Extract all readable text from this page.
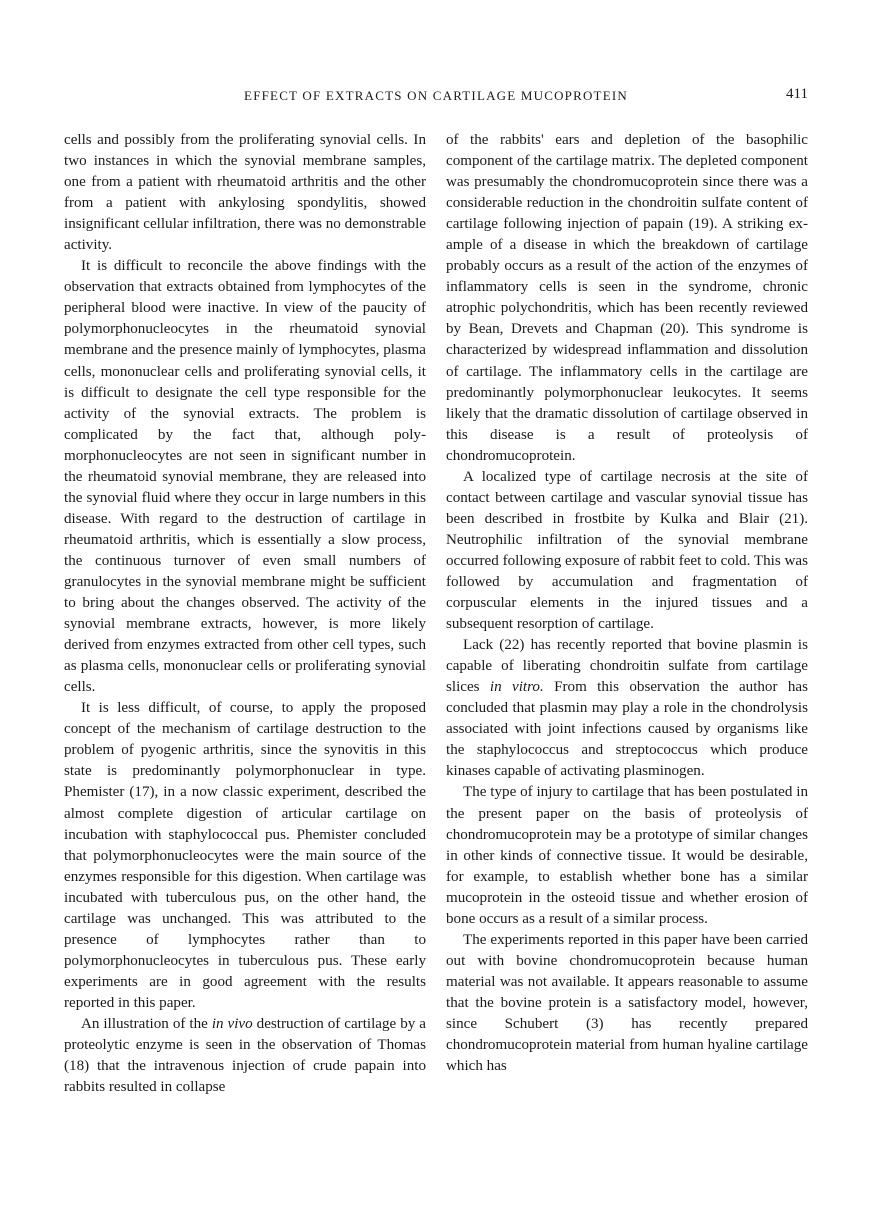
EFFECT OF EXTRACTS ON CARTILAGE MUCOPROTEIN	411

cells and possibly from the proliferating synovial cells. In two instances in which the synovial membrane samples, one from a patient with rheumatoid arthritis and the other from a patient with ankylosing spondylitis, showed insignificant cellular infiltration, there was no demonstrable activity.

It is difficult to reconcile the above findings with the observation that extracts obtained from lymphocytes of the peripheral blood were inactive. In view of the paucity of polymorphonucleocytes in the rheumatoid synovial membrane and the presence mainly of lymphocytes, plasma cells, mononuclear cells and proliferating synovial cells, it is difficult to designate the cell type responsible for the activity of the synovial extracts. The problem is complicated by the fact that, although polymorphonucleocytes are not seen in significant number in the rheumatoid synovial membrane, they are released into the synovial fluid where they occur in large numbers in this disease. With regard to the destruction of cartilage in rheumatoid arthritis, which is essentially a slow process, the continuous turnover of even small numbers of granulocytes in the synovial membrane might be sufficient to bring about the changes observed. The activity of the synovial membrane extracts, however, is more likely derived from enzymes extracted from other cell types, such as plasma cells, mononuclear cells or proliferating synovial cells.

It is less difficult, of course, to apply the proposed concept of the mechanism of cartilage destruction to the problem of pyogenic arthritis, since the synovitis in this state is predominantly polymorphonuclear in type. Phemister (17), in a now classic experiment, described the almost complete digestion of articular cartilage on incubation with staphylococcal pus. Phemister concluded that polymorphonucleocytes were the main source of the enzymes responsible for this digestion. When cartilage was incubated with tuberculous pus, on the other hand, the cartilage was unchanged. This was attributed to the presence of lymphocytes rather than to polymorphonucleocytes in tuberculous pus. These early experiments are in good agreement with the results reported in this paper.

An illustration of the in vivo destruction of cartilage by a proteolytic enzyme is seen in the observation of Thomas (18) that the intravenous injection of crude papain into rabbits resulted in collapse

of the rabbits' ears and depletion of the basophilic component of the cartilage matrix. The depleted component was presumably the chondromucoprotein since there was a considerable reduction in the chondroitin sulfate content of cartilage following injection of papain (19). A striking example of a disease in which the breakdown of cartilage probably occurs as a result of the action of the enzymes of inflammatory cells is seen in the syndrome, chronic atrophic polychondritis, which has been recently reviewed by Bean, Drevets and Chapman (20). This syndrome is characterized by widespread inflammation and dissolution of cartilage. The inflammatory cells in the cartilage are predominantly polymorphonuclear leukocytes. It seems likely that the dramatic dissolution of cartilage observed in this disease is a result of proteolysis of chondromucoprotein.

A localized type of cartilage necrosis at the site of contact between cartilage and vascular synovial tissue has been described in frostbite by Kulka and Blair (21). Neutrophilic infiltration of the synovial membrane occurred following exposure of rabbit feet to cold. This was followed by accumulation and fragmentation of corpuscular elements in the injured tissues and a subsequent resorption of cartilage.

Lack (22) has recently reported that bovine plasmin is capable of liberating chondroitin sulfate from cartilage slices in vitro. From this observation the author has concluded that plasmin may play a role in the chondrolysis associated with joint infections caused by organisms like the staphylococcus and streptococcus which produce kinases capable of activating plasminogen.

The type of injury to cartilage that has been postulated in the present paper on the basis of proteolysis of chondromucoprotein may be a prototype of similar changes in other kinds of connective tissue. It would be desirable, for example, to establish whether bone has a similar mucoprotein in the osteoid tissue and whether erosion of bone occurs as a result of a similar process.

The experiments reported in this paper have been carried out with bovine chondromucoprotein because human material was not available. It appears reasonable to assume that the bovine protein is a satisfactory model, however, since Schubert (3) has recently prepared chondromucoprotein material from human hyaline cartilage which has
